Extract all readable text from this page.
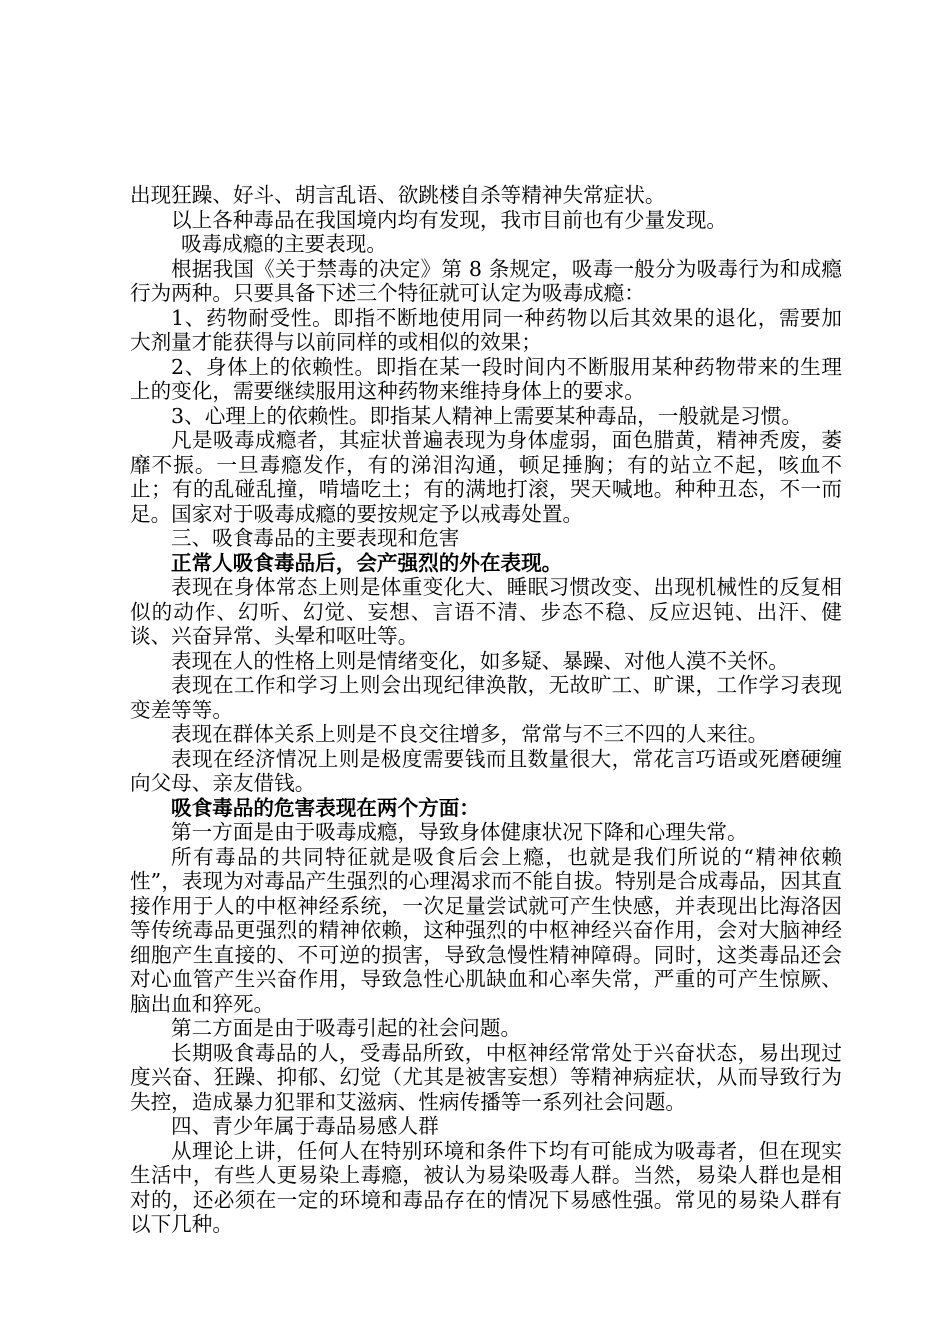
出现狂躁、好斗、胡言乱语、欲跳楼自杀等精神失常症状。

以上各种毒品在我国境内均有发现，我市目前也有少量发现。

吸毒成瘾的主要表现。

根据我国《关于禁毒的决定》第 8 条规定，吸毒一般分为吸毒行为和成瘾行为两种。只要具备下述三个特征就可认定为吸毒成瘾：

1、药物耐受性。即指不断地使用同一种药物以后其效果的退化，需要加大剂量才能获得与以前同样的或相似的效果；

2、身体上的依赖性。即指在某一段时间内不断服用某种药物带来的生理上的变化，需要继续服用这种药物来维持身体上的要求。

3、心理上的依赖性。即指某人精神上需要某种毒品，一般就是习惯。

凡是吸毒成瘾者，其症状普遍表现为身体虚弱，面色腊黄，精神秃废，萎靡不振。一旦毒瘾发作，有的涕泪沟通，顿足捶胸；有的站立不起，咳血不止；有的乱碰乱撞，啃墙吃土；有的满地打滚，哭天喊地。种种丑态，不一而足。国家对于吸毒成瘾的要按规定予以戒毒处置。

三、吸食毒品的主要表现和危害

正常人吸食毒品后，会产强烈的外在表现。

表现在身体常态上则是体重变化大、睡眠习惯改变、出现机械性的反复相似的动作、幻听、幻觉、妄想、言语不清、步态不稳、反应迟钝、出汗、健谈、兴奋异常、头晕和呕吐等。

表现在人的性格上则是情绪变化，如多疑、暴躁、对他人漠不关怀。

表现在工作和学习上则会出现纪律涣散，无故旷工、旷课，工作学习表现变差等等。

表现在群体关系上则是不良交往增多，常常与不三不四的人来往。

表现在经济情况上则是极度需要钱而且数量很大，常花言巧语或死磨硬缠向父母、亲友借钱。

吸食毒品的危害表现在两个方面：

第一方面是由于吸毒成瘾，导致身体健康状况下降和心理失常。

所有毒品的共同特征就是吸食后会上瘾，也就是我们所说的“精神依赖性”，表现为对毒品产生强烈的心理渴求而不能自拔。特别是合成毒品，因其直接作用于人的中枢神经系统，一次足量尝试就可产生快感，并表现出比海洛因等传统毒品更强烈的精神依赖，这种强烈的中枢神经兴奋作用，会对大脑神经细胞产生直接的、不可逆的损害，导致急慢性精神障碍。同时，这类毒品还会对心血管产生兴奋作用，导致急性心肌缺血和心率失常，严重的可产生惊厥、脑出血和猝死。

第二方面是由于吸毒引起的社会问题。

长期吸食毒品的人，受毒品所致，中枢神经常常处于兴奋状态，易出现过度兴奋、狂躁、抑郁、幻觉（尤其是被害妄想）等精神病症状，从而导致行为失控，造成暴力犯罪和艾滋病、性病传播等一系列社会问题。

四、青少年属于毒品易感人群

从理论上讲，任何人在特别环境和条件下均有可能成为吸毒者，但在现实生活中，有些人更易染上毒瘾，被认为易染吸毒人群。当然，易染人群也是相对的，还必须在一定的环境和毒品存在的情况下易感性强。常见的易染人群有以下几种。
